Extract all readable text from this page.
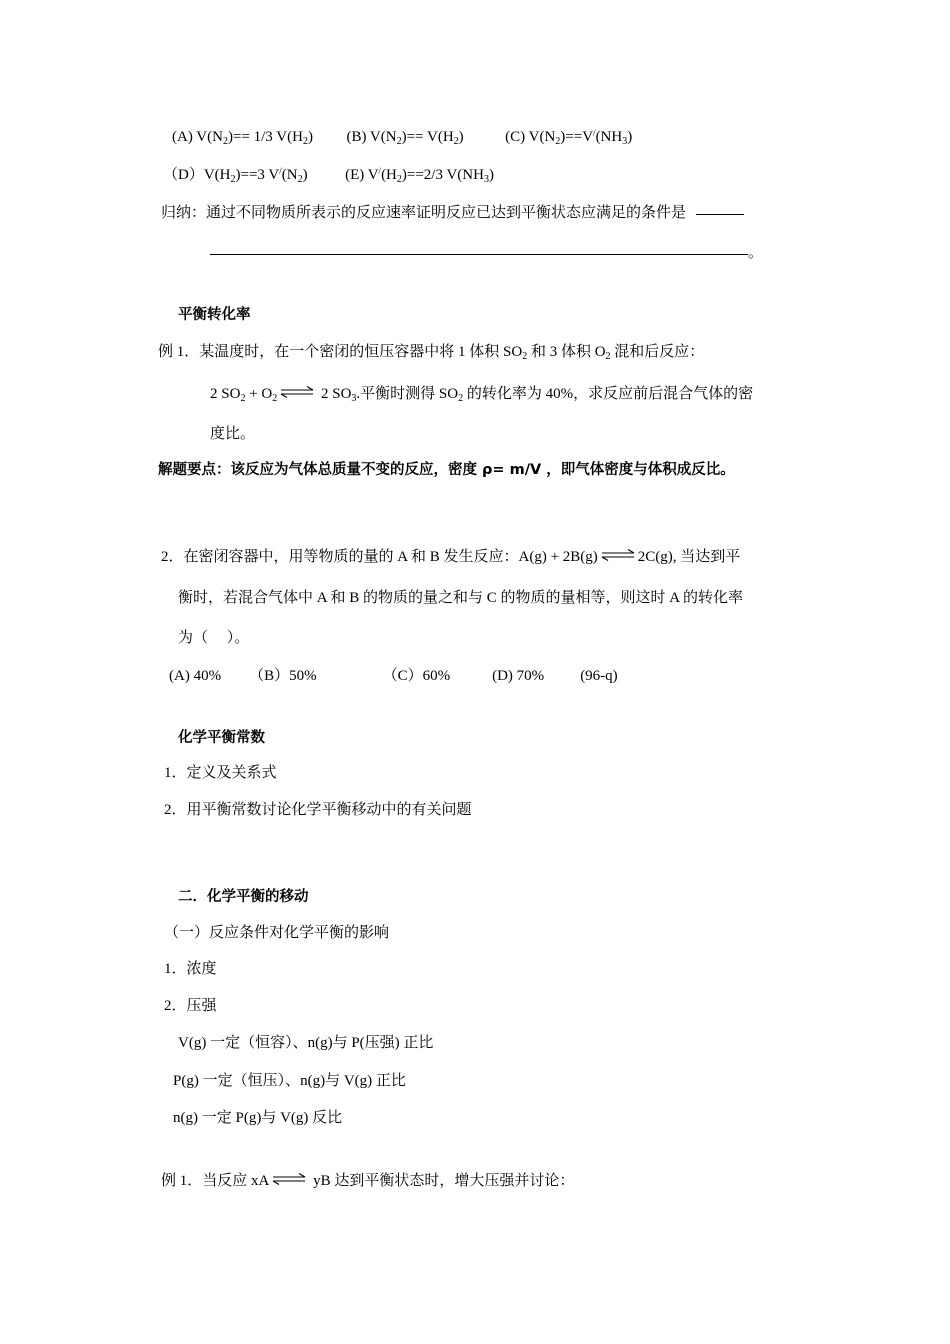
(A) $V(N_2)== 1/3$ $V(H_2)$ (B) $V(N_2)== V(H_2)$	(C) $V(N_2)==V^/(NH_3)$
$(D)V(H_2)==3$ $V^/(N_2)$	(E) $V^/(H_2)==2/3$ $V(NH_3)$
归纳：通过不同物质所表示的反应速率证明反应已达到平衡状态应满足的条件是
。
平衡转化率
例 1．某温度时，在一个密闭的恒压容器中将 1 体积 $SO_2$ 和 3 体积 $O_2$ 混和后反应：
2 $SO_2 + O_2$	2 $SO_3$.平衡时测得 $SO_2$ 的转化率为 40%，求反应前后混合气体的密
度比。
解题要点：该反应为气体总质量不变的反应，密度 ρ= m/V ，即气体密度与体积成反比。
2．在密闭容器中，用等物质的量的 A 和 B 发生反应：A(g) + 2B(g)	2C(g), 当达到平
衡时，若混合气体中 A 和 B 的物质的量之和与 C 的物质的量相等，则这时 A 的转化率
为（　 ）。
(A) 40% （B）50%	（C）60%	(D) 70% (96-q)
化学平衡常数
1．定义及关系式
2．用平衡常数讨论化学平衡移动中的有关问题
二．化学平衡的移动
（一）反应条件对化学平衡的影响
1．浓度
2．压强
V(g) 一定（恒容）、n(g)与 P(压强) 正比
P(g) 一定（恒压）、n(g)与 V(g) 正比
n(g) 一定 P(g)与 V(g) 反比
例 1．当反应 xA	yB 达到平衡状态时，增大压强并讨论：
